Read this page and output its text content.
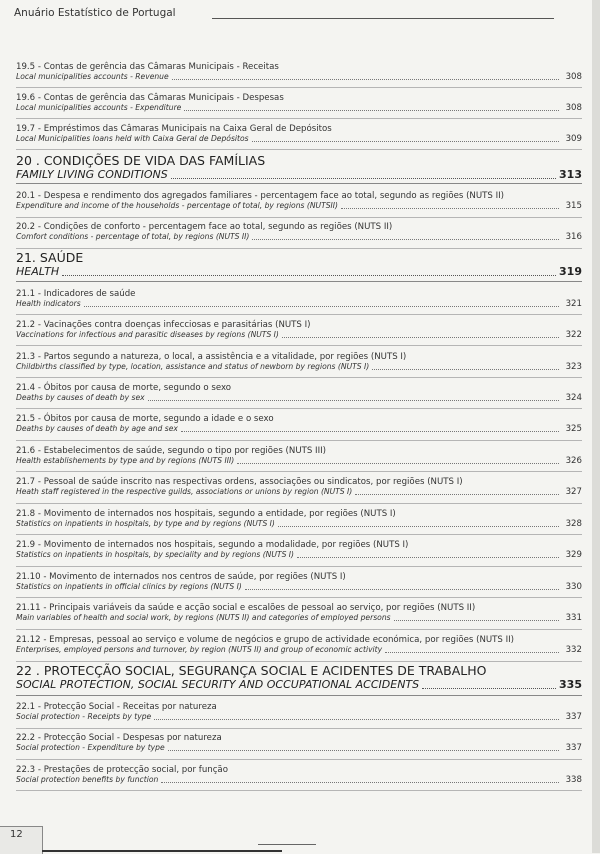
Anuário Estatístico de Portugal
19.5 - Contas de gerência das Câmaras Municipais - Receitas
Local municipalities accounts - Revenue	308
19.6 - Contas de gerência das Câmaras Municipais - Despesas
Local municipalities accounts - Expenditure	308
19.7 - Empréstimos das Câmaras Municipais na Caixa Geral de Depósitos
Local Municipalities loans held with Caixa Geral de Depósitos	309
20 . CONDIÇÕES DE VIDA DAS FAMÍLIAS
FAMILY LIVING CONDITIONS	313
20.1 - Despesa e rendimento dos agregados familiares - percentagem face ao total, segundo as regiões (NUTS II)
Expenditure and income of the households - percentage of total, by regions (NUTSII)	315
20.2 - Condições de conforto - percentagem face ao total, segundo as regiões (NUTS II)
Comfort conditions - percentage of total, by regions (NUTS II)	316
21. SAÚDE
HEALTH	319
21.1 - Indicadores de saúde
Health indicators	321
21.2 - Vacinações contra doenças infecciosas e parasitárias (NUTS I)
Vaccinations for infectious and parasitic diseases by regions (NUTS I)	322
21.3 - Partos segundo a natureza, o local, a assistência e a vitalidade, por regiões (NUTS I)
Childbirths classified by type, location, assistance and status of newborn by regions (NUTS I)	323
21.4 - Óbitos por causa de morte, segundo o sexo
Deaths by causes of death by sex	324
21.5 - Óbitos por causa de morte, segundo a idade e o sexo
Deaths by causes of death by age and sex	325
21.6 - Estabelecimentos de saúde, segundo o tipo por regiões (NUTS III)
Health establishements by type and by regions (NUTS III)	326
21.7 - Pessoal de saúde inscrito nas respectivas ordens, associações ou sindicatos, por regiões (NUTS I)
Heath staff registered in the respective guilds, associations or unions by region (NUTS I)	327
21.8 - Movimento de internados nos hospitais, segundo a entidade, por regiões (NUTS I)
Statistics on inpatients in hospitals, by type and by regions (NUTS I)	328
21.9 - Movimento de internados nos hospitais, segundo a modalidade, por regiões (NUTS I)
Statistics on inpatients in hospitals, by speciality and by regions (NUTS I)	329
21.10 - Movimento de internados nos centros de saúde, por regiões (NUTS I)
Statistics on inpatients in official clinics by regions (NUTS I)	330
21.11 - Principais variáveis da saúde e acção social e escalões de pessoal ao serviço, por regiões (NUTS II)
Main variables of health and social work, by regions (NUTS II) and categories of employed persons	331
21.12 - Empresas, pessoal ao serviço e volume de negócios e grupo de actividade económica, por regiões (NUTS II)
Enterprises, employed persons and turnover, by region (NUTS II) and group of economic activity	332
22 . PROTECÇÃO SOCIAL, SEGURANÇA SOCIAL E ACIDENTES DE TRABALHO
SOCIAL PROTECTION, SOCIAL SECURITY AND OCCUPATIONAL ACCIDENTS	335
22.1 - Protecção Social - Receitas por natureza
Social protection - Receipts by type	337
22.2 - Protecção Social - Despesas por natureza
Social protection - Expenditure by type	337
22.3 - Prestações de protecção social, por função
Social protection benefits by function	338
12
